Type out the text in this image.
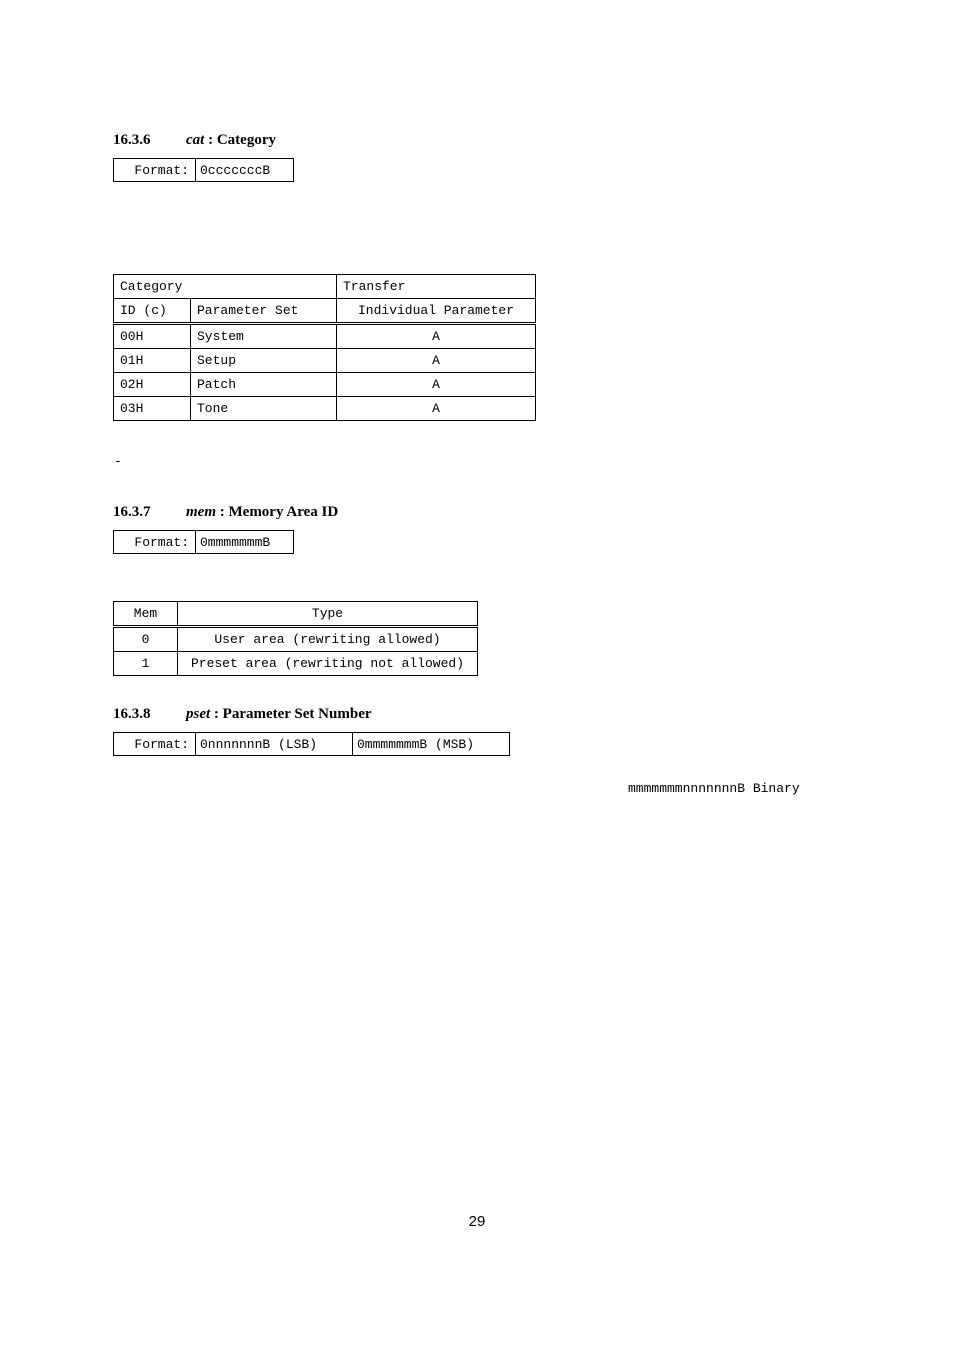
16.3.6 cat : Category
Format:	0cccccccB
Category		Transfer
ID (c)	Parameter Set	Individual Parameter
00H	System	A
01H	Setup	A
02H	Patch	A
03H	Tone	A
-
16.3.7 mem : Memory Area ID
Format:	0mmmmmmmB
Mem	Type
0	User area (rewriting allowed)
1	Preset area (rewriting not allowed)
16.3.8 pset : Parameter Set Number
Format:	0nnnnnnnB (LSB)	0mmmmmmmB (MSB)
mmmmmmmnnnnnnnB Binary
29
